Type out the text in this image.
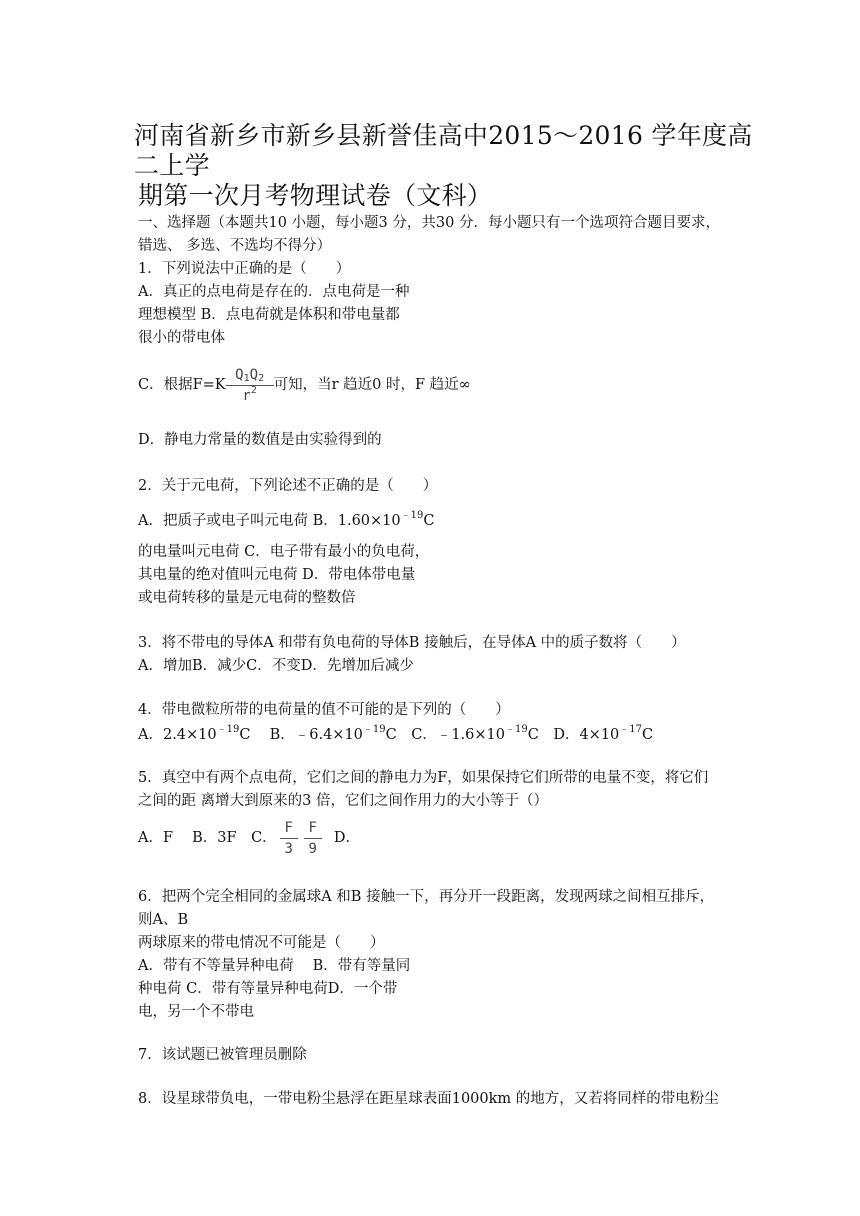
河南省新乡市新乡县新誉佳高中2015～2016 学年度高二上学
期第一次月考物理试卷（文科）
一、选择题（本题共10 小题，每小题3 分，共30 分．每小题只有一个选项符合题目要求，
错选、 多选、不选均不得分）
1．下列说法中正确的是（　　）
A．真正的点电荷是存在的．点电荷是一种
理想模型 B．点电荷就是体积和带电量都
很小的带电体
C．根据$F=K \frac{Q_1Q_2}{r^2}$ 可知，当r 趋近0 时，F 趋近∞
D．静电力常量的数值是由实验得到的
2．关于元电荷，下列论述不正确的是（　　）
A．把质子或电子叫元电荷 B．$1.60\times 10^{﹣19}C$
的电量叫元电荷 C．电子带有最小的负电荷，
其电量的绝对值叫元电荷 D．带电体带电量
或电荷转移的量是元电荷的整数倍
3．将不带电的导体A 和带有负电荷的导体B 接触后，在导体A 中的质子数将（　　）
A．增加B．减少C．不变D．先增加后减少
4．带电微粒所带的电荷量的值不可能的是下列的（　　）
A．$2.4\times 10^{﹣19}C$　 B．$﹣6.4\times 10^{﹣19}C$　C．$﹣1.6\times 10^{﹣19}C$　D．$4\times 10^{﹣17}C$
5．真空中有两个点电荷，它们之间的静电力为F，如果保持它们所带的电量不变，将它们
之间的距 离增大到原来的3 倍，它们之间作用力的大小等于（）
A．F　 B．3F　C． $\frac{F}{3} \frac{F}{9}$ D．
6．把两个完全相同的金属球A 和B 接触一下，再分开一段距离，发现两球之间相互排斥，
则A、B
两球原来的带电情况不可能是（　　）
A．带有不等量异种电荷　 B．带有等量同
种电荷 C．带有等量异种电荷D．一个带
电，另一个不带电
7．该试题已被管理员删除
8．设星球带负电，一带电粉尘悬浮在距星球表面1000km 的地方，又若将同样的带电粉尘
